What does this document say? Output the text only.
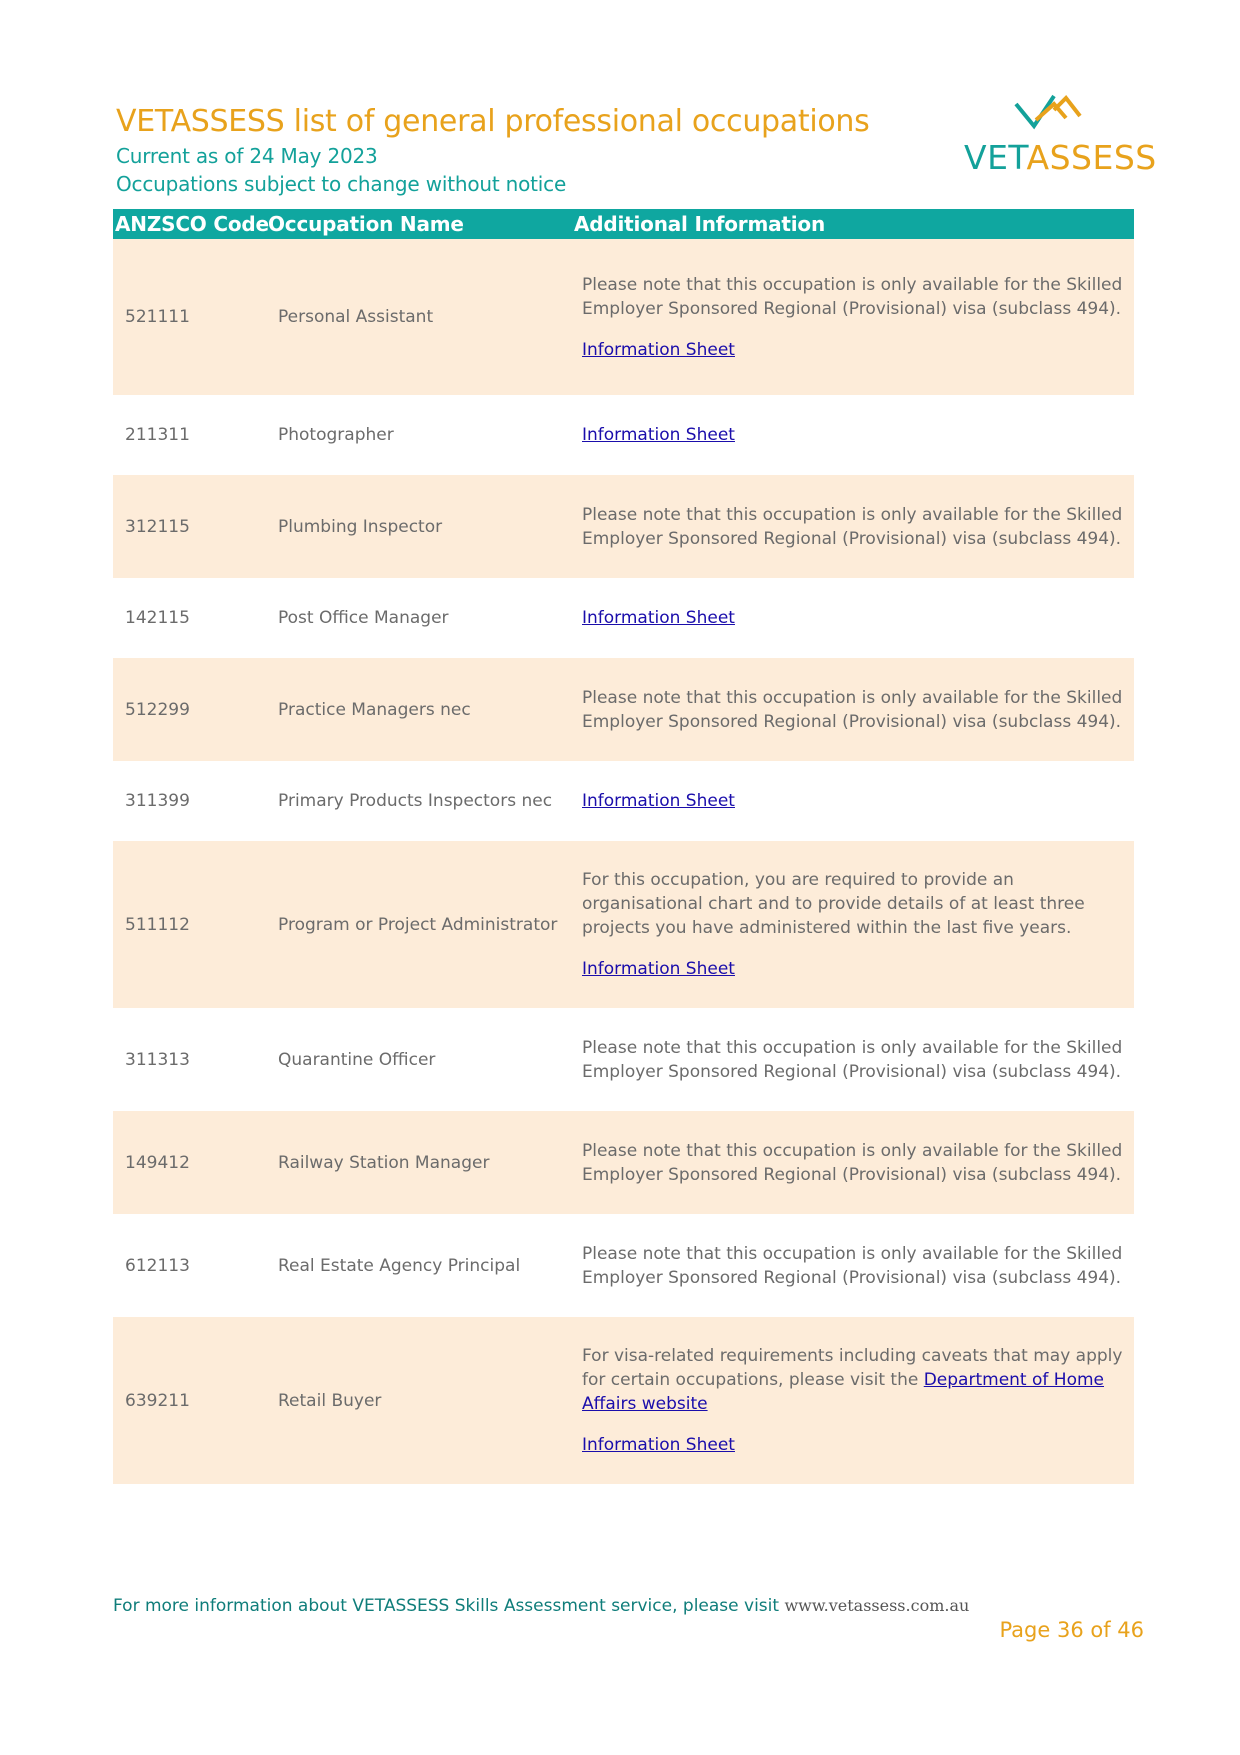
VETASSESS list of general professional occupations
Current as of 24 May 2023
Occupations subject to change without notice
VETASSESS
ANZSCO Code Occupation Name	Additional Information
521111	Personal Assistant

Please note that this occupation is only available for the Skilled Employer Sponsored Regional (Provisional) visa (subclass 494).

Information Sheet

211311	Photographer	Information Sheet

312115	Plumbing Inspector

Please note that this occupation is only available for the Skilled Employer Sponsored Regional (Provisional) visa (subclass 494).

142115	Post Office Manager	Information Sheet

512299	Practice Managers nec

Please note that this occupation is only available for the Skilled Employer Sponsored Regional (Provisional) visa (subclass 494).

311399	Primary Products Inspectors nec	Information Sheet

511112	Program or Project Administrator

For this occupation, you are required to provide an organisational chart and to provide details of at least three projects you have administered within the last five years.

Information Sheet

311313	Quarantine Officer

Please note that this occupation is only available for the Skilled Employer Sponsored Regional (Provisional) visa (subclass 494).

149412	Railway Station Manager

Please note that this occupation is only available for the Skilled Employer Sponsored Regional (Provisional) visa (subclass 494).

612113	Real Estate Agency Principal

Please note that this occupation is only available for the Skilled Employer Sponsored Regional (Provisional) visa (subclass 494).

639211	Retail Buyer

For visa-related requirements including caveats that may apply for certain occupations, please visit the Department of Home Affairs website

Information Sheet

For more information about VETASSESS Skills Assessment service, please visit www.vetassess.com.au
Page 36 of 46
